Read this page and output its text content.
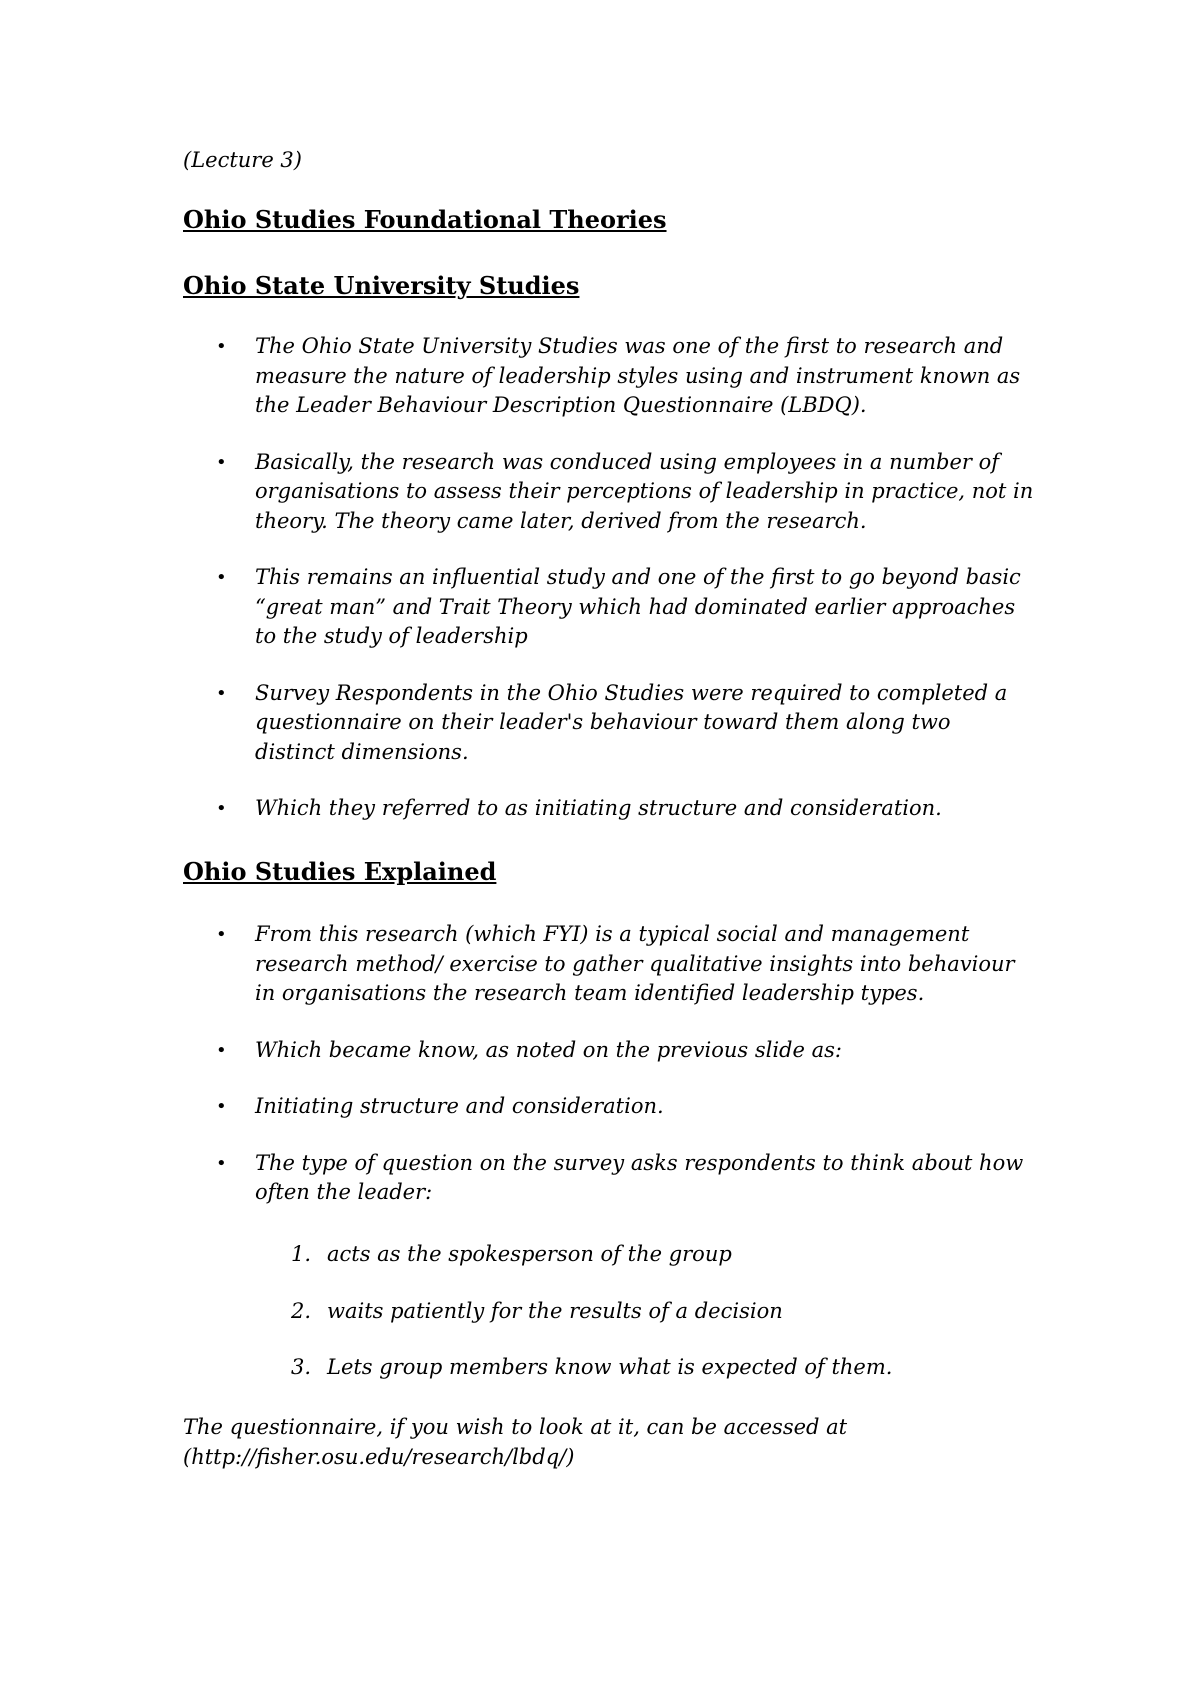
(Lecture 3)
Ohio Studies Foundational Theories
Ohio State University Studies
• The Ohio State University Studies was one of the first to research and measure the nature of leadership styles using and instrument known as the Leader Behaviour Description Questionnaire (LBDQ).
• Basically, the research was conduced using employees in a number of organisations to assess their perceptions of leadership in practice, not in theory. The theory came later, derived from the research.
• This remains an influential study and one of the first to go beyond basic “great man” and Trait Theory which had dominated earlier approaches to the study of leadership
• Survey Respondents in the Ohio Studies were required to completed a questionnaire on their leader's behaviour toward them along two distinct dimensions.
• Which they referred to as initiating structure and consideration.
Ohio Studies Explained
• From this research (which FYI) is a typical social and management research method/ exercise to gather qualitative insights into behaviour in organisations the research team identified leadership types.
• Which became know, as noted on the previous slide as:
• Initiating structure and consideration.
• The type of question on the survey asks respondents to think about how often the leader:
1. acts as the spokesperson of the group
2. waits patiently for the results of a decision
3. Lets group members know what is expected of them.
The questionnaire, if you wish to look at it, can be accessed at
(http://fisher.osu.edu/research/lbdq/)
